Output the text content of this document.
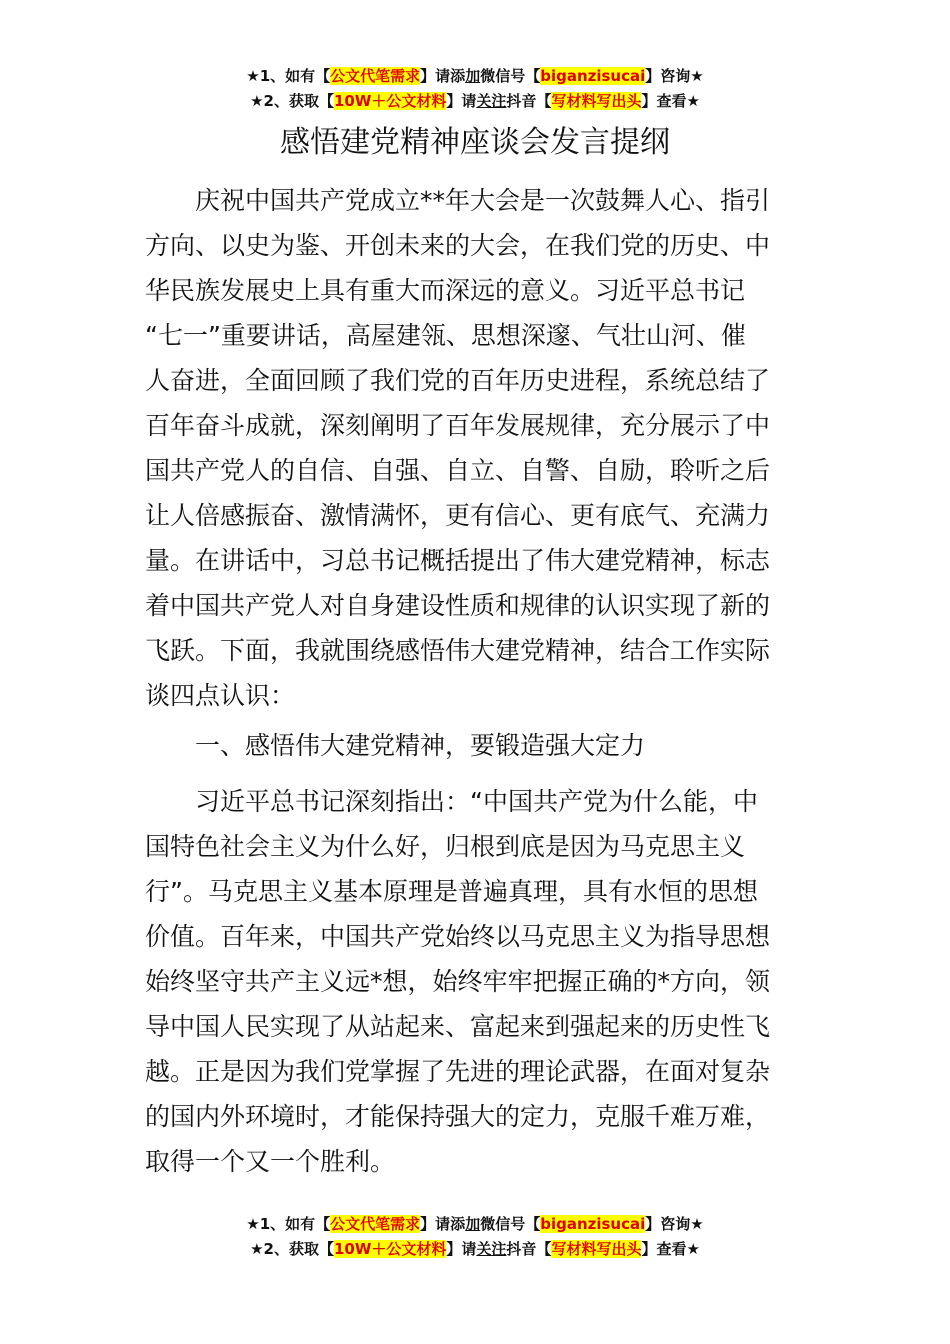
★1、如有【公文代笔需求】请添加微信号【biganzisucai】咨询★
★2、获取【10W＋公文材料】请关注抖音【写材料写出头】查看★
感悟建党精神座谈会发言提纲
庆祝中国共产党成立**年大会是一次鼓舞人心、指引
方向、以史为鉴、开创未来的大会，在我们党的历史、中
华民族发展史上具有重大而深远的意义。习近平总书记
“七一”重要讲话，高屋建瓴、思想深邃、气壮山河、催
人奋进，全面回顾了我们党的百年历史进程，系统总结了
百年奋斗成就，深刻阐明了百年发展规律，充分展示了中
国共产党人的自信、自强、自立、自警、自励，聆听之后
让人倍感振奋、激情满怀，更有信心、更有底气、充满力
量。在讲话中，习总书记概括提出了伟大建党精神，标志
着中国共产党人对自身建设性质和规律的认识实现了新的
飞跃。下面，我就围绕感悟伟大建党精神，结合工作实际
谈四点认识：
一、感悟伟大建党精神，要锻造强大定力
习近平总书记深刻指出：“中国共产党为什么能，中
国特色社会主义为什么好，归根到底是因为马克思主义
行”。马克思主义基本原理是普遍真理，具有水恒的思想
价值。百年来，中国共产党始终以马克思主义为指导思想
始终坚守共产主义远*想，始终牢牢把握正确的*方向，领
导中国人民实现了从站起来、富起来到强起来的历史性飞
越。正是因为我们党掌握了先进的理论武器，在面对复杂
的国内外环境时，才能保持强大的定力，克服千难万难，
取得一个又一个胜利。
★1、如有【公文代笔需求】请添加微信号【biganzisucai】咨询★
★2、获取【10W＋公文材料】请关注抖音【写材料写出头】查看★
